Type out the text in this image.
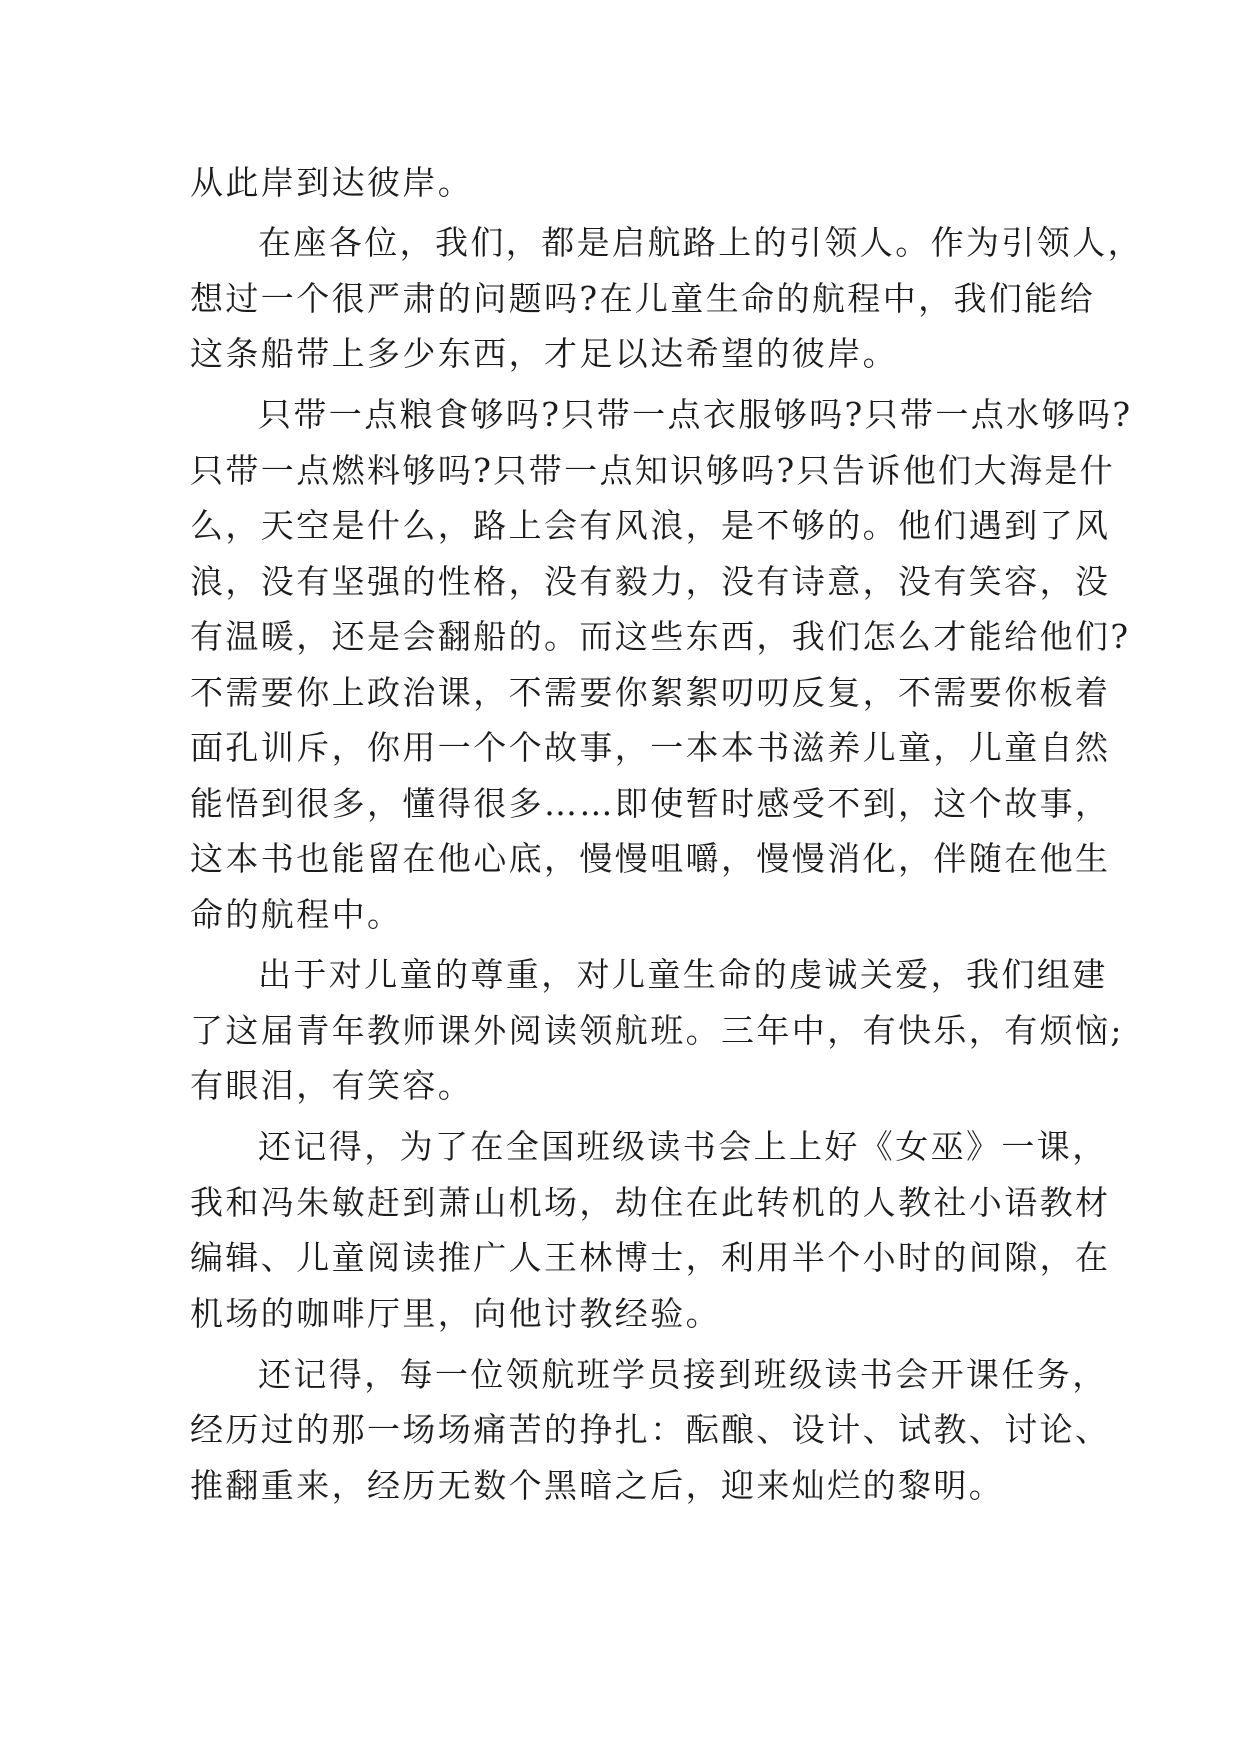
从此岸到达彼岸。
在座各位，我们，都是启航路上的引领人。作为引领人，
想过一个很严肃的问题吗?在儿童生命的航程中，我们能给
这条船带上多少东西，才足以达希望的彼岸。
只带一点粮食够吗?只带一点衣服够吗?只带一点水够吗?
只带一点燃料够吗?只带一点知识够吗?只告诉他们大海是什
么，天空是什么，路上会有风浪，是不够的。他们遇到了风
浪，没有坚强的性格，没有毅力，没有诗意，没有笑容，没
有温暖，还是会翻船的。而这些东西，我们怎么才能给他们?
不需要你上政治课，不需要你絮絮叨叨反复，不需要你板着
面孔训斥，你用一个个故事，一本本书滋养儿童，儿童自然
能悟到很多，懂得很多……即使暂时感受不到，这个故事，
这本书也能留在他心底，慢慢咀嚼，慢慢消化，伴随在他生
命的航程中。
出于对儿童的尊重，对儿童生命的虔诚关爱，我们组建
了这届青年教师课外阅读领航班。三年中，有快乐，有烦恼;
有眼泪，有笑容。
还记得，为了在全国班级读书会上上好《女巫》一课，
我和冯朱敏赶到萧山机场，劫住在此转机的人教社小语教材
编辑、儿童阅读推广人王林博士，利用半个小时的间隙，在
机场的咖啡厅里，向他讨教经验。
还记得，每一位领航班学员接到班级读书会开课任务，
经历过的那一场场痛苦的挣扎：酝酿、设计、试教、讨论、
推翻重来，经历无数个黑暗之后，迎来灿烂的黎明。
